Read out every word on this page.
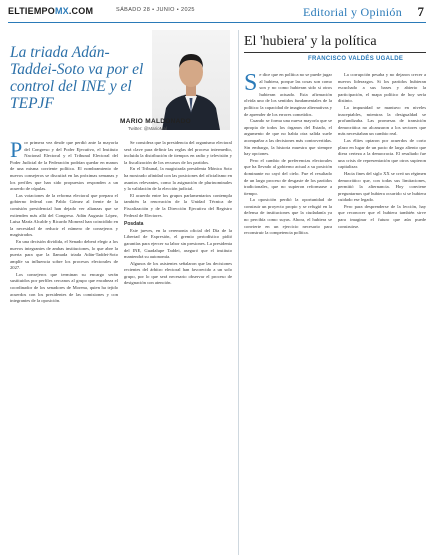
ELTIEMPOMX.COM	SÁBADO 28 • JUNIO • 2025	Editorial y Opinión 7
La triada Adán-Taddei-Soto va por el control del INE y el TEPJF
MARIO MALDONADO
Twitter: @MarioMal
P or primera vez desde que perdió ante la mayoría del Congreso y del Poder Ejecutivo, el Instituto Nacional Electoral y el Tribunal Electoral del Poder Judicial de la Federación podrían quedar en manos de una misma corriente política. El nombramiento de nuevos consejeros se discutirá en las próximas semanas y los perfiles que han sido propuestos responden a un acuerdo de cúpulas.

Las votaciones de la reforma electoral que prepara el gobierno federal con Pablo Gómez al frente de la comisión presidencial han dejado ver alianzas que se extienden más allá del Congreso. Adán Augusto López, Luisa María Alcalde y Ricardo Monreal han coincidido en la necesidad de reducir el número de consejeros y magistrados.

En una decisión dividida, el Senado deberá elegir a los nuevos integrantes de ambas instituciones, lo que abre la puerta para que la llamada triada Adán-Taddei-Soto amplíe su influencia sobre los procesos electorales de 2027.

Los consejeros que terminan su encargo serán sustituidos por perfiles cercanos al grupo que encabeza el coordinador de los senadores de Morena, quien ha tejido acuerdos con los presidentes de las comisiones y con integrantes de la oposición.

Se considera que la presidencia del organismo electoral será clave para definir las reglas del proceso intermedio, incluida la distribución de tiempos en radio y televisión y la fiscalización de los recursos de los partidos.

En el Tribunal, la magistrada presidenta Mónica Soto ha mostrado afinidad con las posiciones del oficialismo en asuntos relevantes, como la asignación de plurinominales y la validación de la elección judicial.

El acuerdo entre los grupos parlamentarios contempla también la renovación de la Unidad Técnica de Fiscalización y de la Dirección Ejecutiva del Registro Federal de Electores.

Posdata

Este jueves, en la ceremonia oficial del Día de la Libertad de Expresión, el gremio periodístico pidió garantías para ejercer su labor sin presiones. La presidenta del INE, Guadalupe Taddei, aseguró que el instituto mantendrá su autonomía.

Algunos de los asistentes señalaron que las decisiones recientes del árbitro electoral han favorecido a un solo grupo, por lo que será necesario observar el proceso de designación con atención.

El 'hubiera' y la política
FRANCISCO VALDÉS UGALDE
S e dice que en política no se puede jugar al hubiera, porque las cosas son como son y no como hubieran sido si otros hubieran actuado. Esta afirmación olvida uno de los sentidos fundamentales de la política: la capacidad de imaginar alternativas y de aprender de los errores cometidos.

Cuando se forma una nueva mayoría que se apropia de todos los órganos del Estado, el argumento de que no había otra salida suele acompañar a las decisiones más controvertidas. Sin embargo, la historia muestra que siempre hay opciones.

Pero el cambio de preferencias electorales que ha llevado al gobierno actual a su posición dominante no cayó del cielo. Fue el resultado de un largo proceso de desgaste de los partidos tradicionales, que no supieron reformarse a tiempo.

La oposición perdió la oportunidad de construir un proyecto propio y se refugió en la defensa de instituciones que la ciudadanía ya no percibía como suyas. Ahora, el hubiera se convierte en un ejercicio necesario para reconstruir la competencia política.

La corrupción pesaba y no dejaron crecer a nuevos liderazgos. Si los partidos hubieran escuchado a sus bases y abierto la participación, el mapa político de hoy sería distinto.

La impunidad se mantuvo en niveles inaceptables, mientras la desigualdad se profundizaba. Las promesas de transición democrática no alcanzaron a los sectores que más necesitaban un cambio real.

Las élites optaron por acuerdos de corto plazo en lugar de un pacto de largo aliento que diera certeza a la democracia. El resultado fue una crisis de representación que otros supieron capitalizar.

Hacia fines del siglo XX se creó un régimen democrático que, con todas sus limitaciones, permitió la alternancia. Hoy conviene preguntarnos qué hubiera ocurrido si se hubiera cuidado ese legado.

Pero para desprenderse de la lección, hay que reconocer que el hubiera también sirve para imaginar el futuro que aún puede construirse.
